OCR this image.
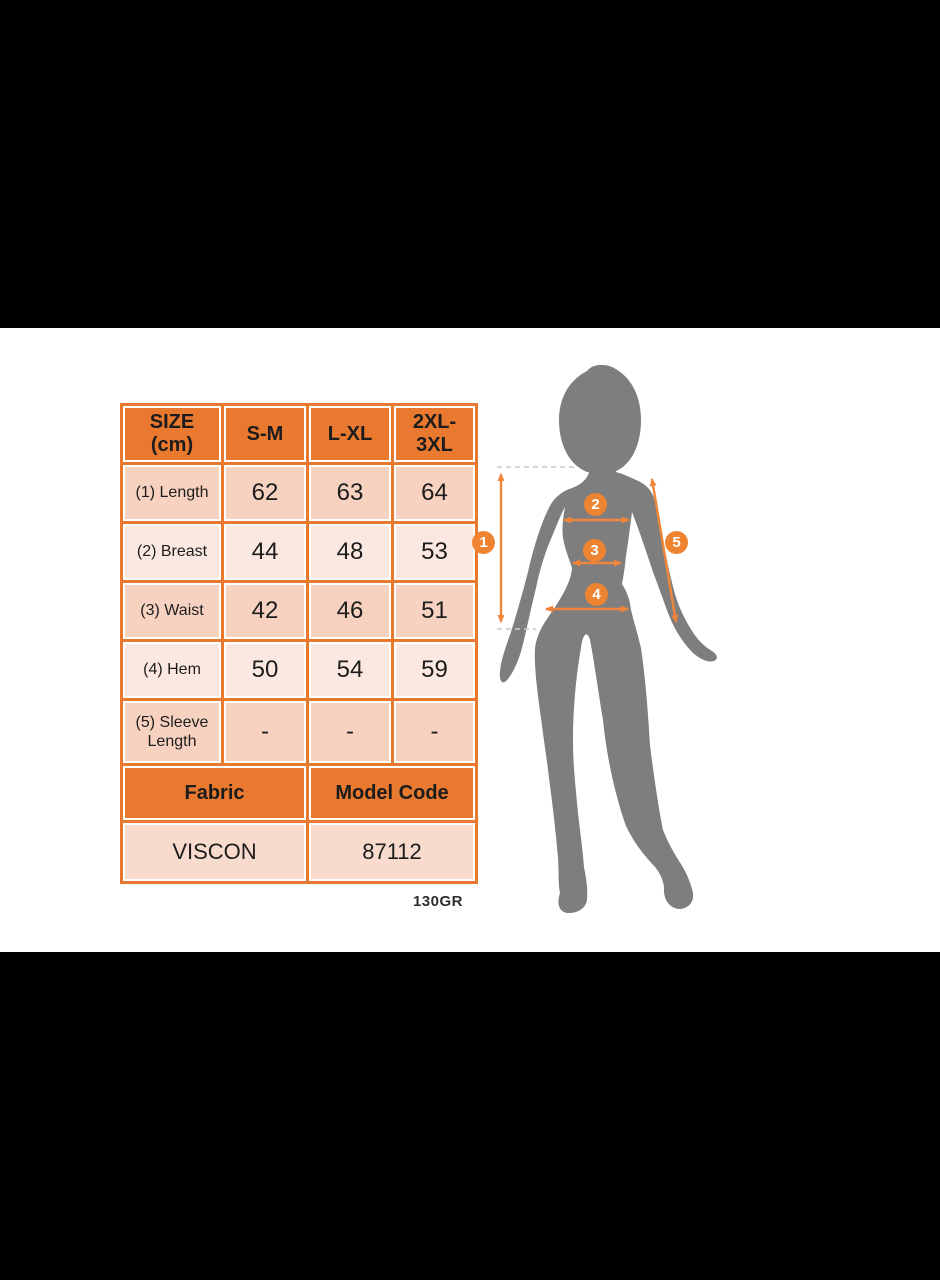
SIZE (cm)	S-M	L-XL	2XL-3XL
(1) Length	62	63	64
(2) Breast	44	48	53
(3) Waist	42	46	51
(4) Hem	50	54	59
(5) Sleeve Length	-	-	-
Fabric		Model Code	
VISCON		87112	
130GR
1
2
3
4
5
